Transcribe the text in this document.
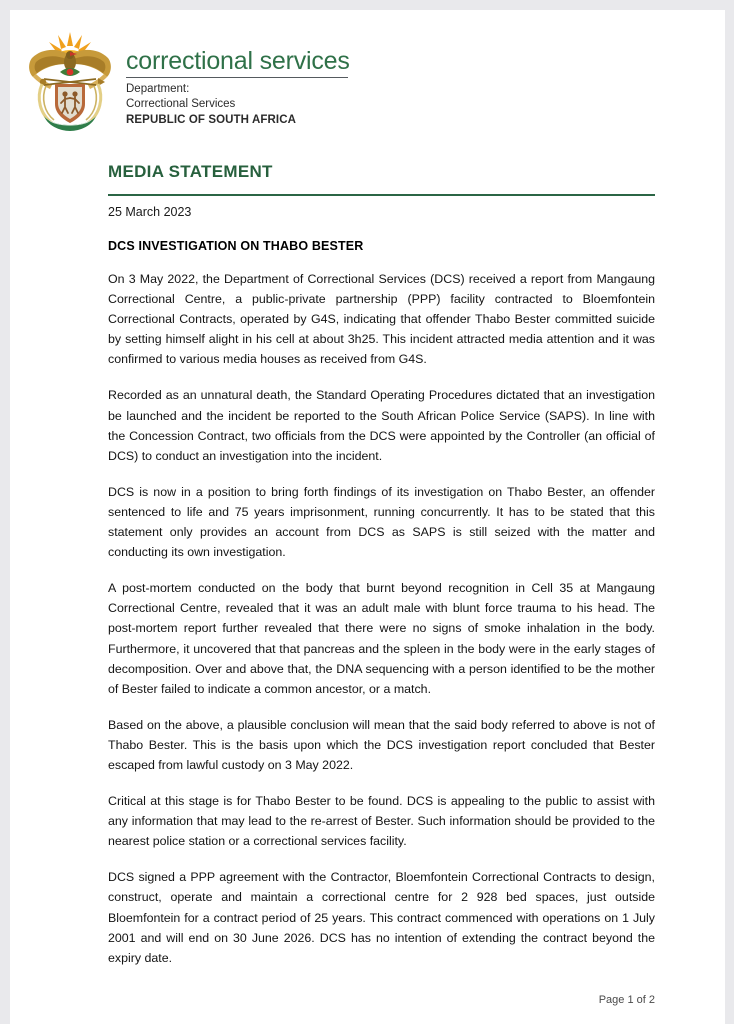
correctional services
Department:
Correctional Services
REPUBLIC OF SOUTH AFRICA
MEDIA STATEMENT
25 March 2023
DCS INVESTIGATION ON THABO BESTER

On 3 May 2022, the Department of Correctional Services (DCS) received a report from Mangaung Correctional Centre, a public-private partnership (PPP) facility contracted to Bloemfontein Correctional Contracts, operated by G4S, indicating that offender Thabo Bester committed suicide by setting himself alight in his cell at about 3h25. This incident attracted media attention and it was confirmed to various media houses as received from G4S.

Recorded as an unnatural death, the Standard Operating Procedures dictated that an investigation be launched and the incident be reported to the South African Police Service (SAPS). In line with the Concession Contract, two officials from the DCS were appointed by the Controller (an official of DCS) to conduct an investigation into the incident.

DCS is now in a position to bring forth findings of its investigation on Thabo Bester, an offender sentenced to life and 75 years imprisonment, running concurrently. It has to be stated that this statement only provides an account from DCS as SAPS is still seized with the matter and conducting its own investigation.

A post-mortem conducted on the body that burnt beyond recognition in Cell 35 at Mangaung Correctional Centre, revealed that it was an adult male with blunt force trauma to his head. The post-mortem report further revealed that there were no signs of smoke inhalation in the body. Furthermore, it uncovered that that pancreas and the spleen in the body were in the early stages of decomposition. Over and above that, the DNA sequencing with a person identified to be the mother of Bester failed to indicate a common ancestor, or a match.

Based on the above, a plausible conclusion will mean that the said body referred to above is not of Thabo Bester. This is the basis upon which the DCS investigation report concluded that Bester escaped from lawful custody on 3 May 2022.

Critical at this stage is for Thabo Bester to be found. DCS is appealing to the public to assist with any information that may lead to the re-arrest of Bester. Such information should be provided to the nearest police station or a correctional services facility.

DCS signed a PPP agreement with the Contractor, Bloemfontein Correctional Contracts to design, construct, operate and maintain a correctional centre for 2 928 bed spaces, just outside Bloemfontein for a contract period of 25 years. This contract commenced with operations on 1 July 2001 and will end on 30 June 2026. DCS has no intention of extending the contract beyond the expiry date.

Page 1 of 2
